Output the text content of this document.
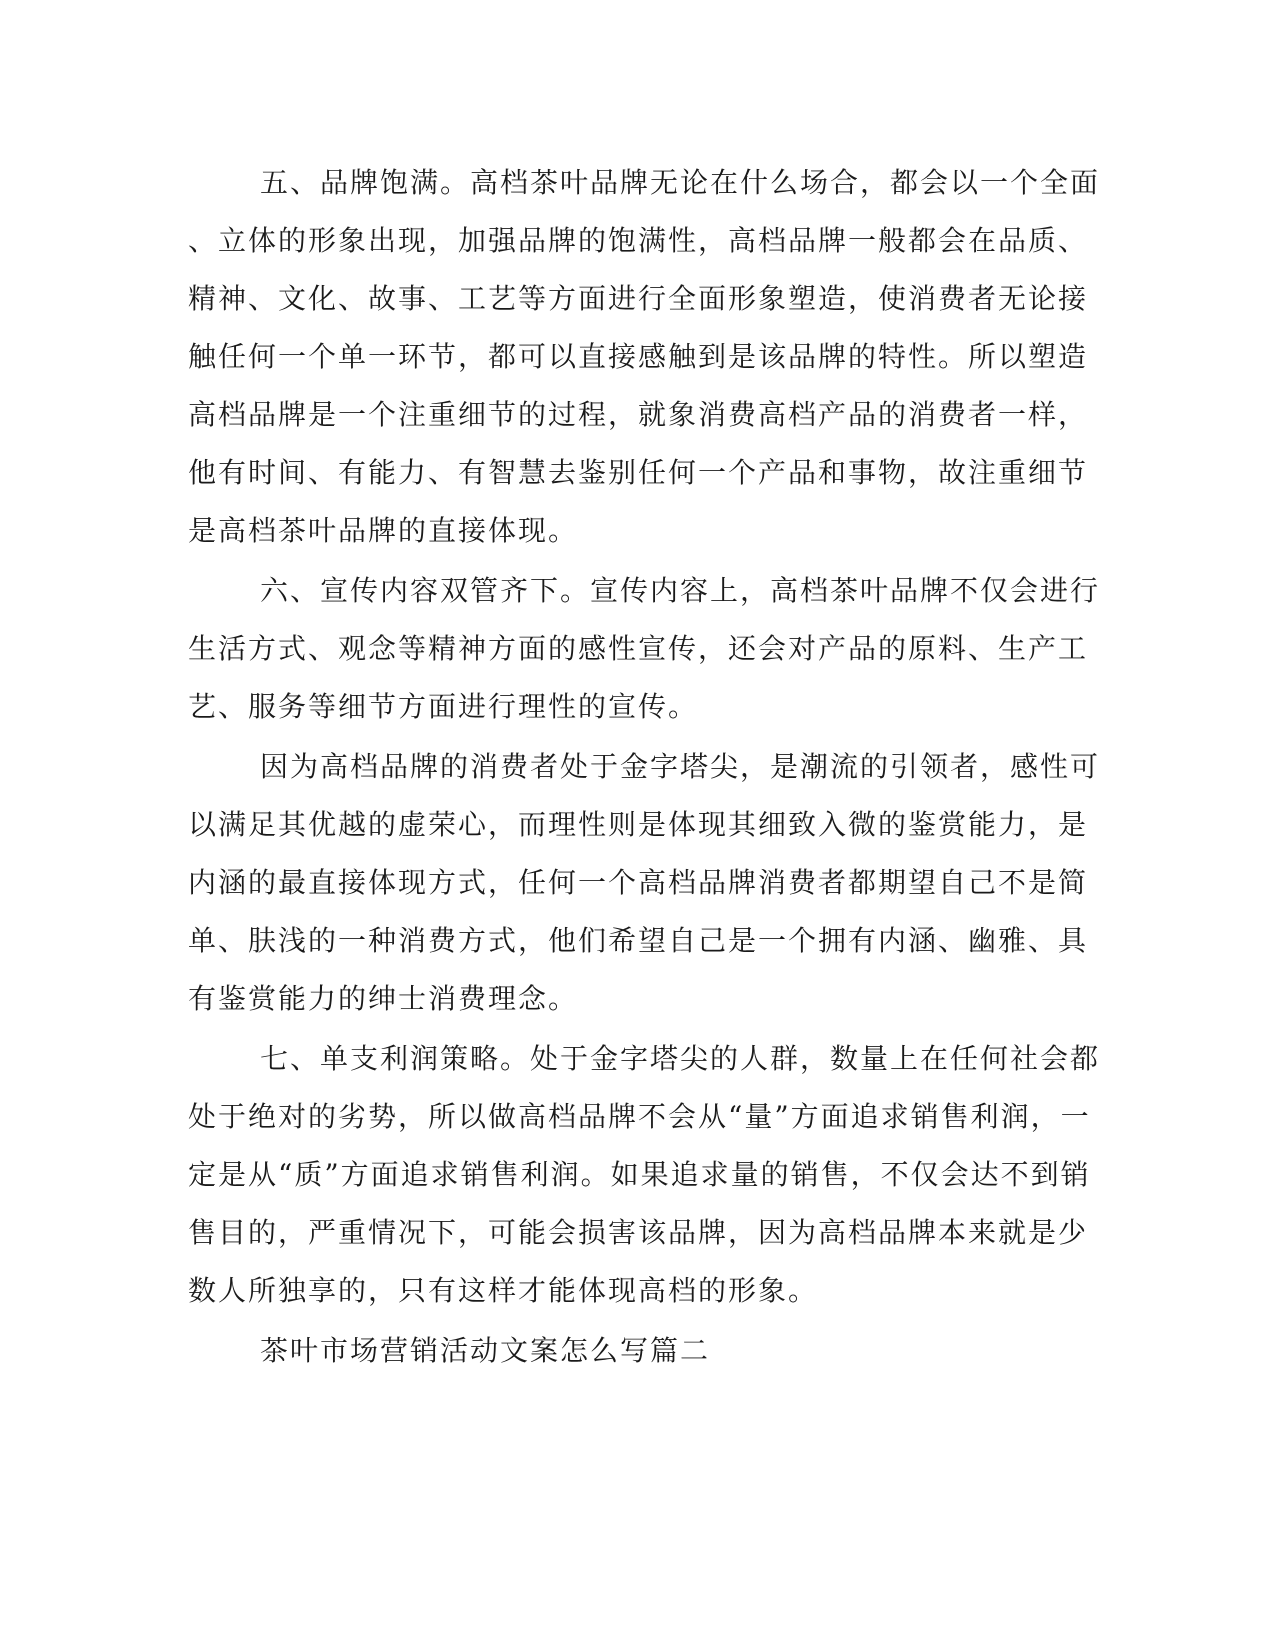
五、品牌饱满。高档茶叶品牌无论在什么场合，都会以一个全面
、立体的形象出现，加强品牌的饱满性，高档品牌一般都会在品质、
精神、文化、故事、工艺等方面进行全面形象塑造，使消费者无论接
触任何一个单一环节，都可以直接感触到是该品牌的特性。所以塑造
高档品牌是一个注重细节的过程，就象消费高档产品的消费者一样，
他有时间、有能力、有智慧去鉴别任何一个产品和事物，故注重细节
是高档茶叶品牌的直接体现。
六、宣传内容双管齐下。宣传内容上，高档茶叶品牌不仅会进行
生活方式、观念等精神方面的感性宣传，还会对产品的原料、生产工
艺、服务等细节方面进行理性的宣传。
因为高档品牌的消费者处于金字塔尖，是潮流的引领者，感性可
以满足其优越的虚荣心，而理性则是体现其细致入微的鉴赏能力，是
内涵的最直接体现方式，任何一个高档品牌消费者都期望自己不是简
单、肤浅的一种消费方式，他们希望自己是一个拥有内涵、幽雅、具
有鉴赏能力的绅士消费理念。
七、单支利润策略。处于金字塔尖的人群，数量上在任何社会都
处于绝对的劣势，所以做高档品牌不会从“量”方面追求销售利润，一
定是从“质”方面追求销售利润。如果追求量的销售，不仅会达不到销
售目的，严重情况下，可能会损害该品牌，因为高档品牌本来就是少
数人所独享的，只有这样才能体现高档的形象。
茶叶市场营销活动文案怎么写篇二
